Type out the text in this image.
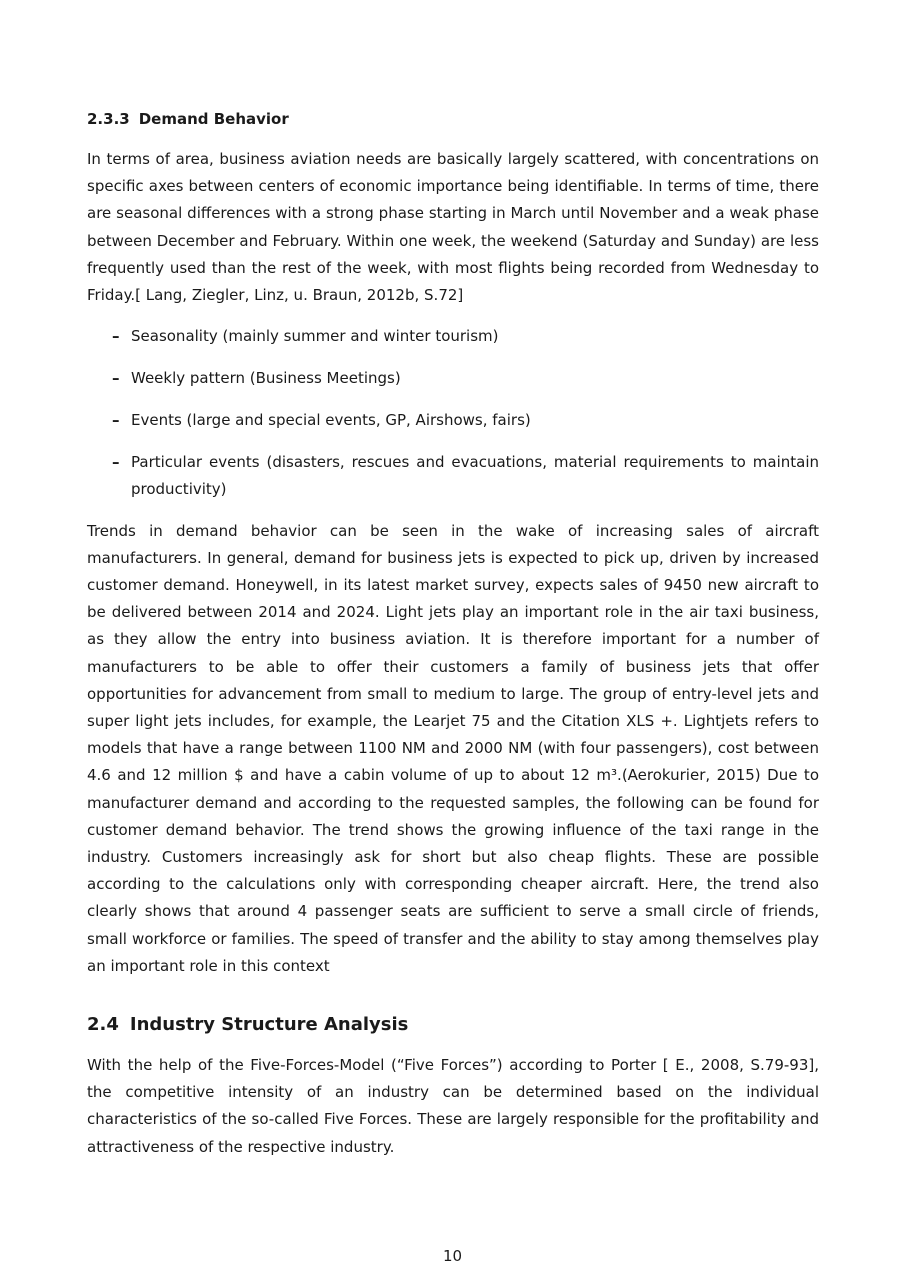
2.3.3 Demand Behavior

In terms of area, business aviation needs are basically largely scattered, with concentrations on specific axes between centers of economic importance being identifiable. In terms of time, there are seasonal differences with a strong phase starting in March until November and a weak phase between December and February. Within one week, the weekend (Saturday and Sunday) are less frequently used than the rest of the week, with most flights being recorded from Wednesday to Friday.[ Lang, Ziegler, Linz, u. Braun, 2012b, S.72]

– Seasonality (mainly summer and winter tourism)
– Weekly pattern (Business Meetings)
– Events (large and special events, GP, Airshows, fairs)
– Particular events (disasters, rescues and evacuations, material requirements to maintain productivity)

Trends in demand behavior can be seen in the wake of increasing sales of aircraft manufacturers. In general, demand for business jets is expected to pick up, driven by increased customer demand. Honeywell, in its latest market survey, expects sales of 9450 new aircraft to be delivered between 2014 and 2024. Light jets play an important role in the air taxi business, as they allow the entry into business aviation. It is therefore important for a number of manufacturers to be able to offer their customers a family of business jets that offer opportunities for advancement from small to medium to large. The group of entry-level jets and super light jets includes, for example, the Learjet 75 and the Citation XLS +. Lightjets refers to models that have a range between 1100 NM and 2000 NM (with four passengers), cost between 4.6 and 12 million $ and have a cabin volume of up to about 12 m³.(Aerokurier, 2015) Due to manufacturer demand and according to the requested samples, the following can be found for customer demand behavior. The trend shows the growing influence of the taxi range in the industry. Customers increasingly ask for short but also cheap flights. These are possible according to the calculations only with corresponding cheaper aircraft. Here, the trend also clearly shows that around 4 passenger seats are sufficient to serve a small circle of friends, small workforce or families. The speed of transfer and the ability to stay among themselves play an important role in this context

2.4 Industry Structure Analysis

With the help of the Five-Forces-Model (“Five Forces”) according to Porter [ E., 2008, S.79-93], the competitive intensity of an industry can be determined based on the individual characteristics of the so-called Five Forces. These are largely responsible for the profitability and attractiveness of the respective industry.

10
